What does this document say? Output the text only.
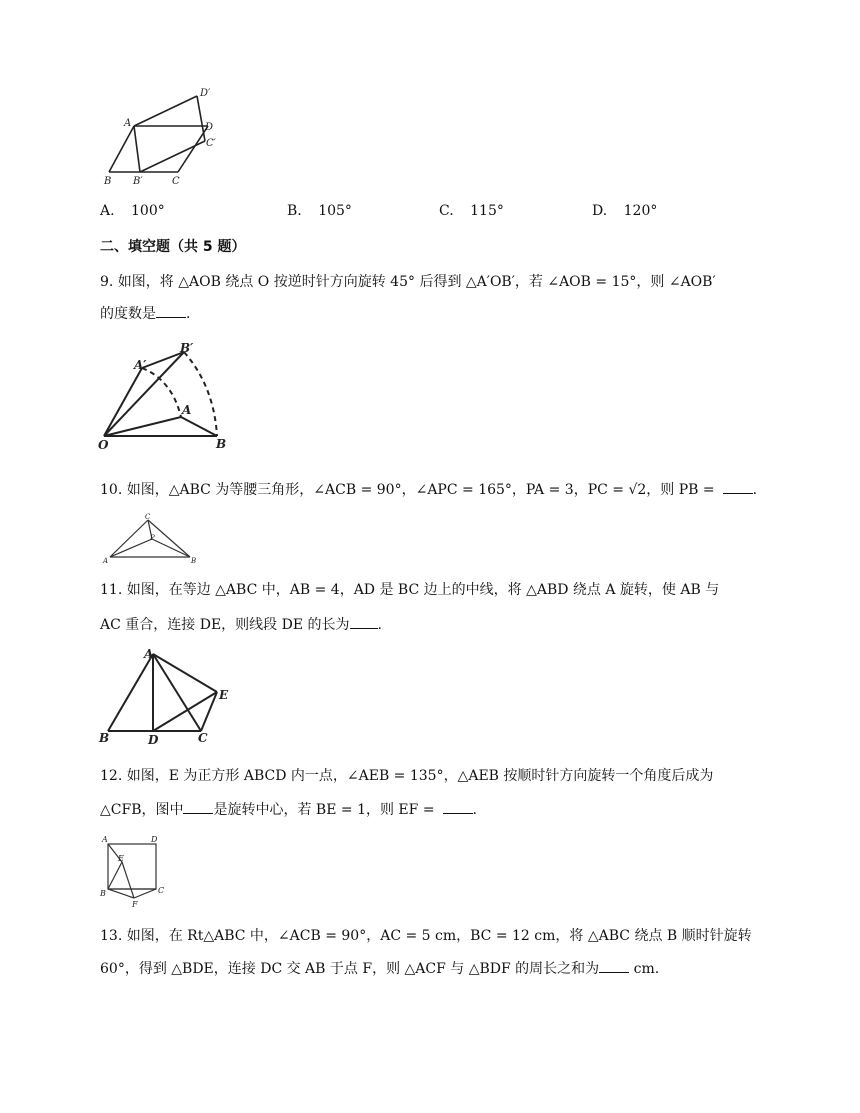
A
B B′	C
C′
D
D′
A. 100°	B. 105°	C. 115°	D. 120°
二、填空题（共 5 题）
9. 如图，将 △AOB 绕点 O 按逆时针方向旋转 45° 后得到 △A′OB′，若 ∠AOB = 15°，则 ∠AOB′
的度数是 .
O
A
B
A′
B′
10. 如图，△ABC 为等腰三角形，∠ACB = 90°，∠APC = 165°，PA = 3，PC = √2，则 PB =	.
C
P
A	B
11. 如图，在等边 △ABC 中，AB = 4，AD 是 BC 边上的中线，将 △ABD 绕点 A 旋转，使 AB 与
AC 重合，连接 DE，则线段 DE 的长为 .
A
B	D	C
E
12. 如图，E 为正方形 ABCD 内一点，∠AEB = 135°，△AEB 按顺时针方向旋转一个角度后成为
△CFB，图中 是旋转中心，若 BE = 1，则 EF =	.
A	D
E
B	C
F
13. 如图，在 Rt△ABC 中，∠ACB = 90°，AC = 5 cm，BC = 12 cm，将 △ABC 绕点 B 顺时针旋转
60°，得到 △BDE，连接 DC 交 AB 于点 F，则 △ACF 与 △BDF 的周长之和为 cm.
